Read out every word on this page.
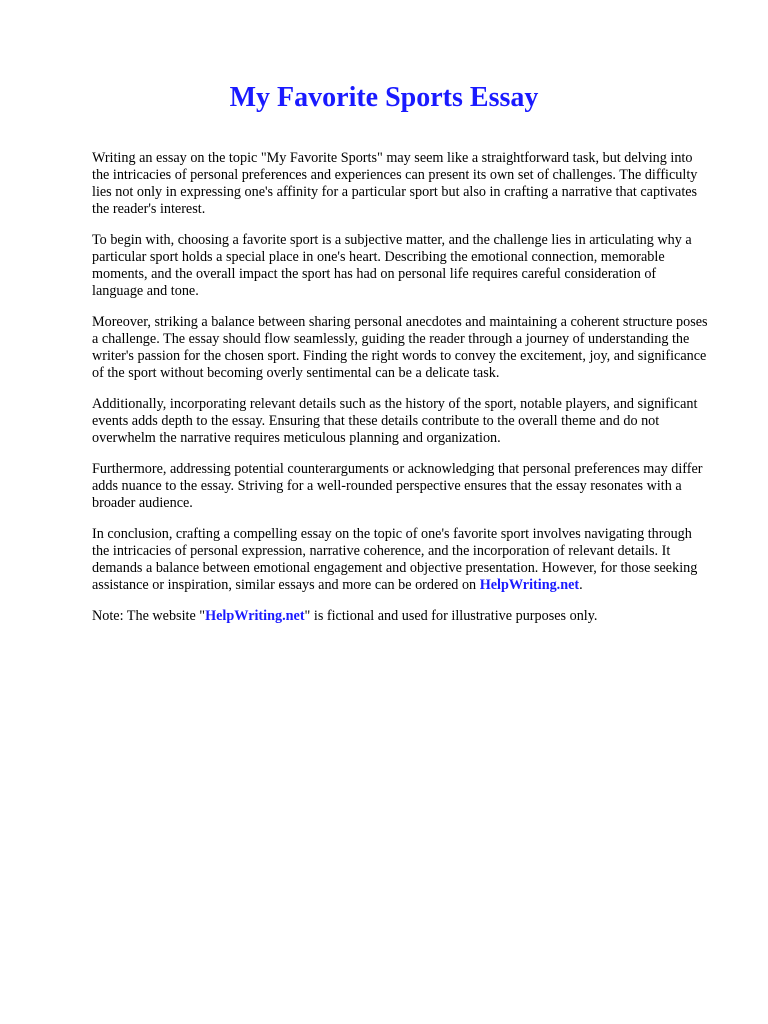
My Favorite Sports Essay

Writing an essay on the topic "My Favorite Sports" may seem like a straightforward task, but delving into the intricacies of personal preferences and experiences can present its own set of challenges. The difficulty lies not only in expressing one's affinity for a particular sport but also in crafting a narrative that captivates the reader's interest.

To begin with, choosing a favorite sport is a subjective matter, and the challenge lies in articulating why a particular sport holds a special place in one's heart. Describing the emotional connection, memorable moments, and the overall impact the sport has had on personal life requires careful consideration of language and tone.

Moreover, striking a balance between sharing personal anecdotes and maintaining a coherent structure poses a challenge. The essay should flow seamlessly, guiding the reader through a journey of understanding the writer's passion for the chosen sport. Finding the right words to convey the excitement, joy, and significance of the sport without becoming overly sentimental can be a delicate task.

Additionally, incorporating relevant details such as the history of the sport, notable players, and significant events adds depth to the essay. Ensuring that these details contribute to the overall theme and do not overwhelm the narrative requires meticulous planning and organization.

Furthermore, addressing potential counterarguments or acknowledging that personal preferences may differ adds nuance to the essay. Striving for a well-rounded perspective ensures that the essay resonates with a broader audience.

In conclusion, crafting a compelling essay on the topic of one's favorite sport involves navigating through the intricacies of personal expression, narrative coherence, and the incorporation of relevant details. It demands a balance between emotional engagement and objective presentation. However, for those seeking assistance or inspiration, similar essays and more can be ordered on HelpWriting.net.

Note: The website "HelpWriting.net" is fictional and used for illustrative purposes only.
